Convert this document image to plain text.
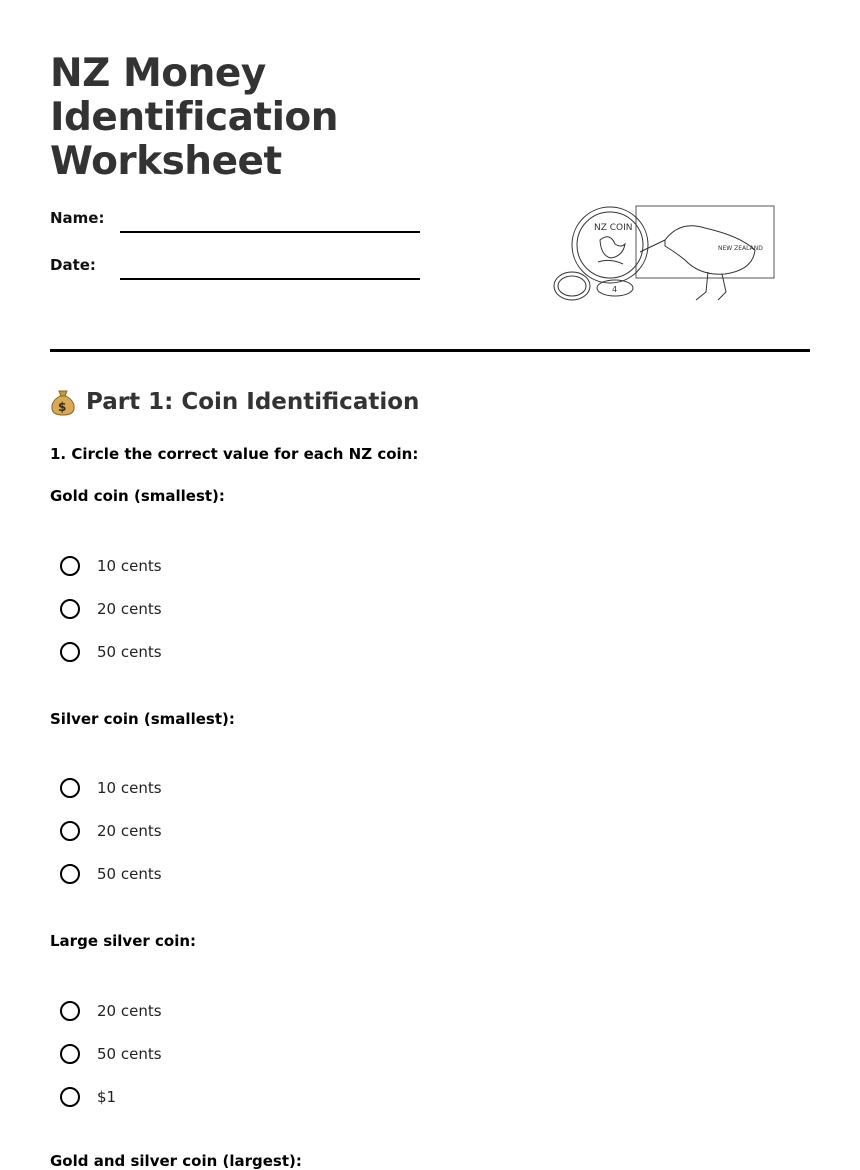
NZ Money Identification Worksheet
Name:
Date:
NZ COIN
4
NEW ZEALAND
$ Part 1: Coin Identification
1. Circle the correct value for each NZ coin:
Gold coin (smallest):
10 cents
20 cents
50 cents
Silver coin (smallest):
10 cents
20 cents
50 cents
Large silver coin:
20 cents
50 cents
$1
Gold and silver coin (largest):
